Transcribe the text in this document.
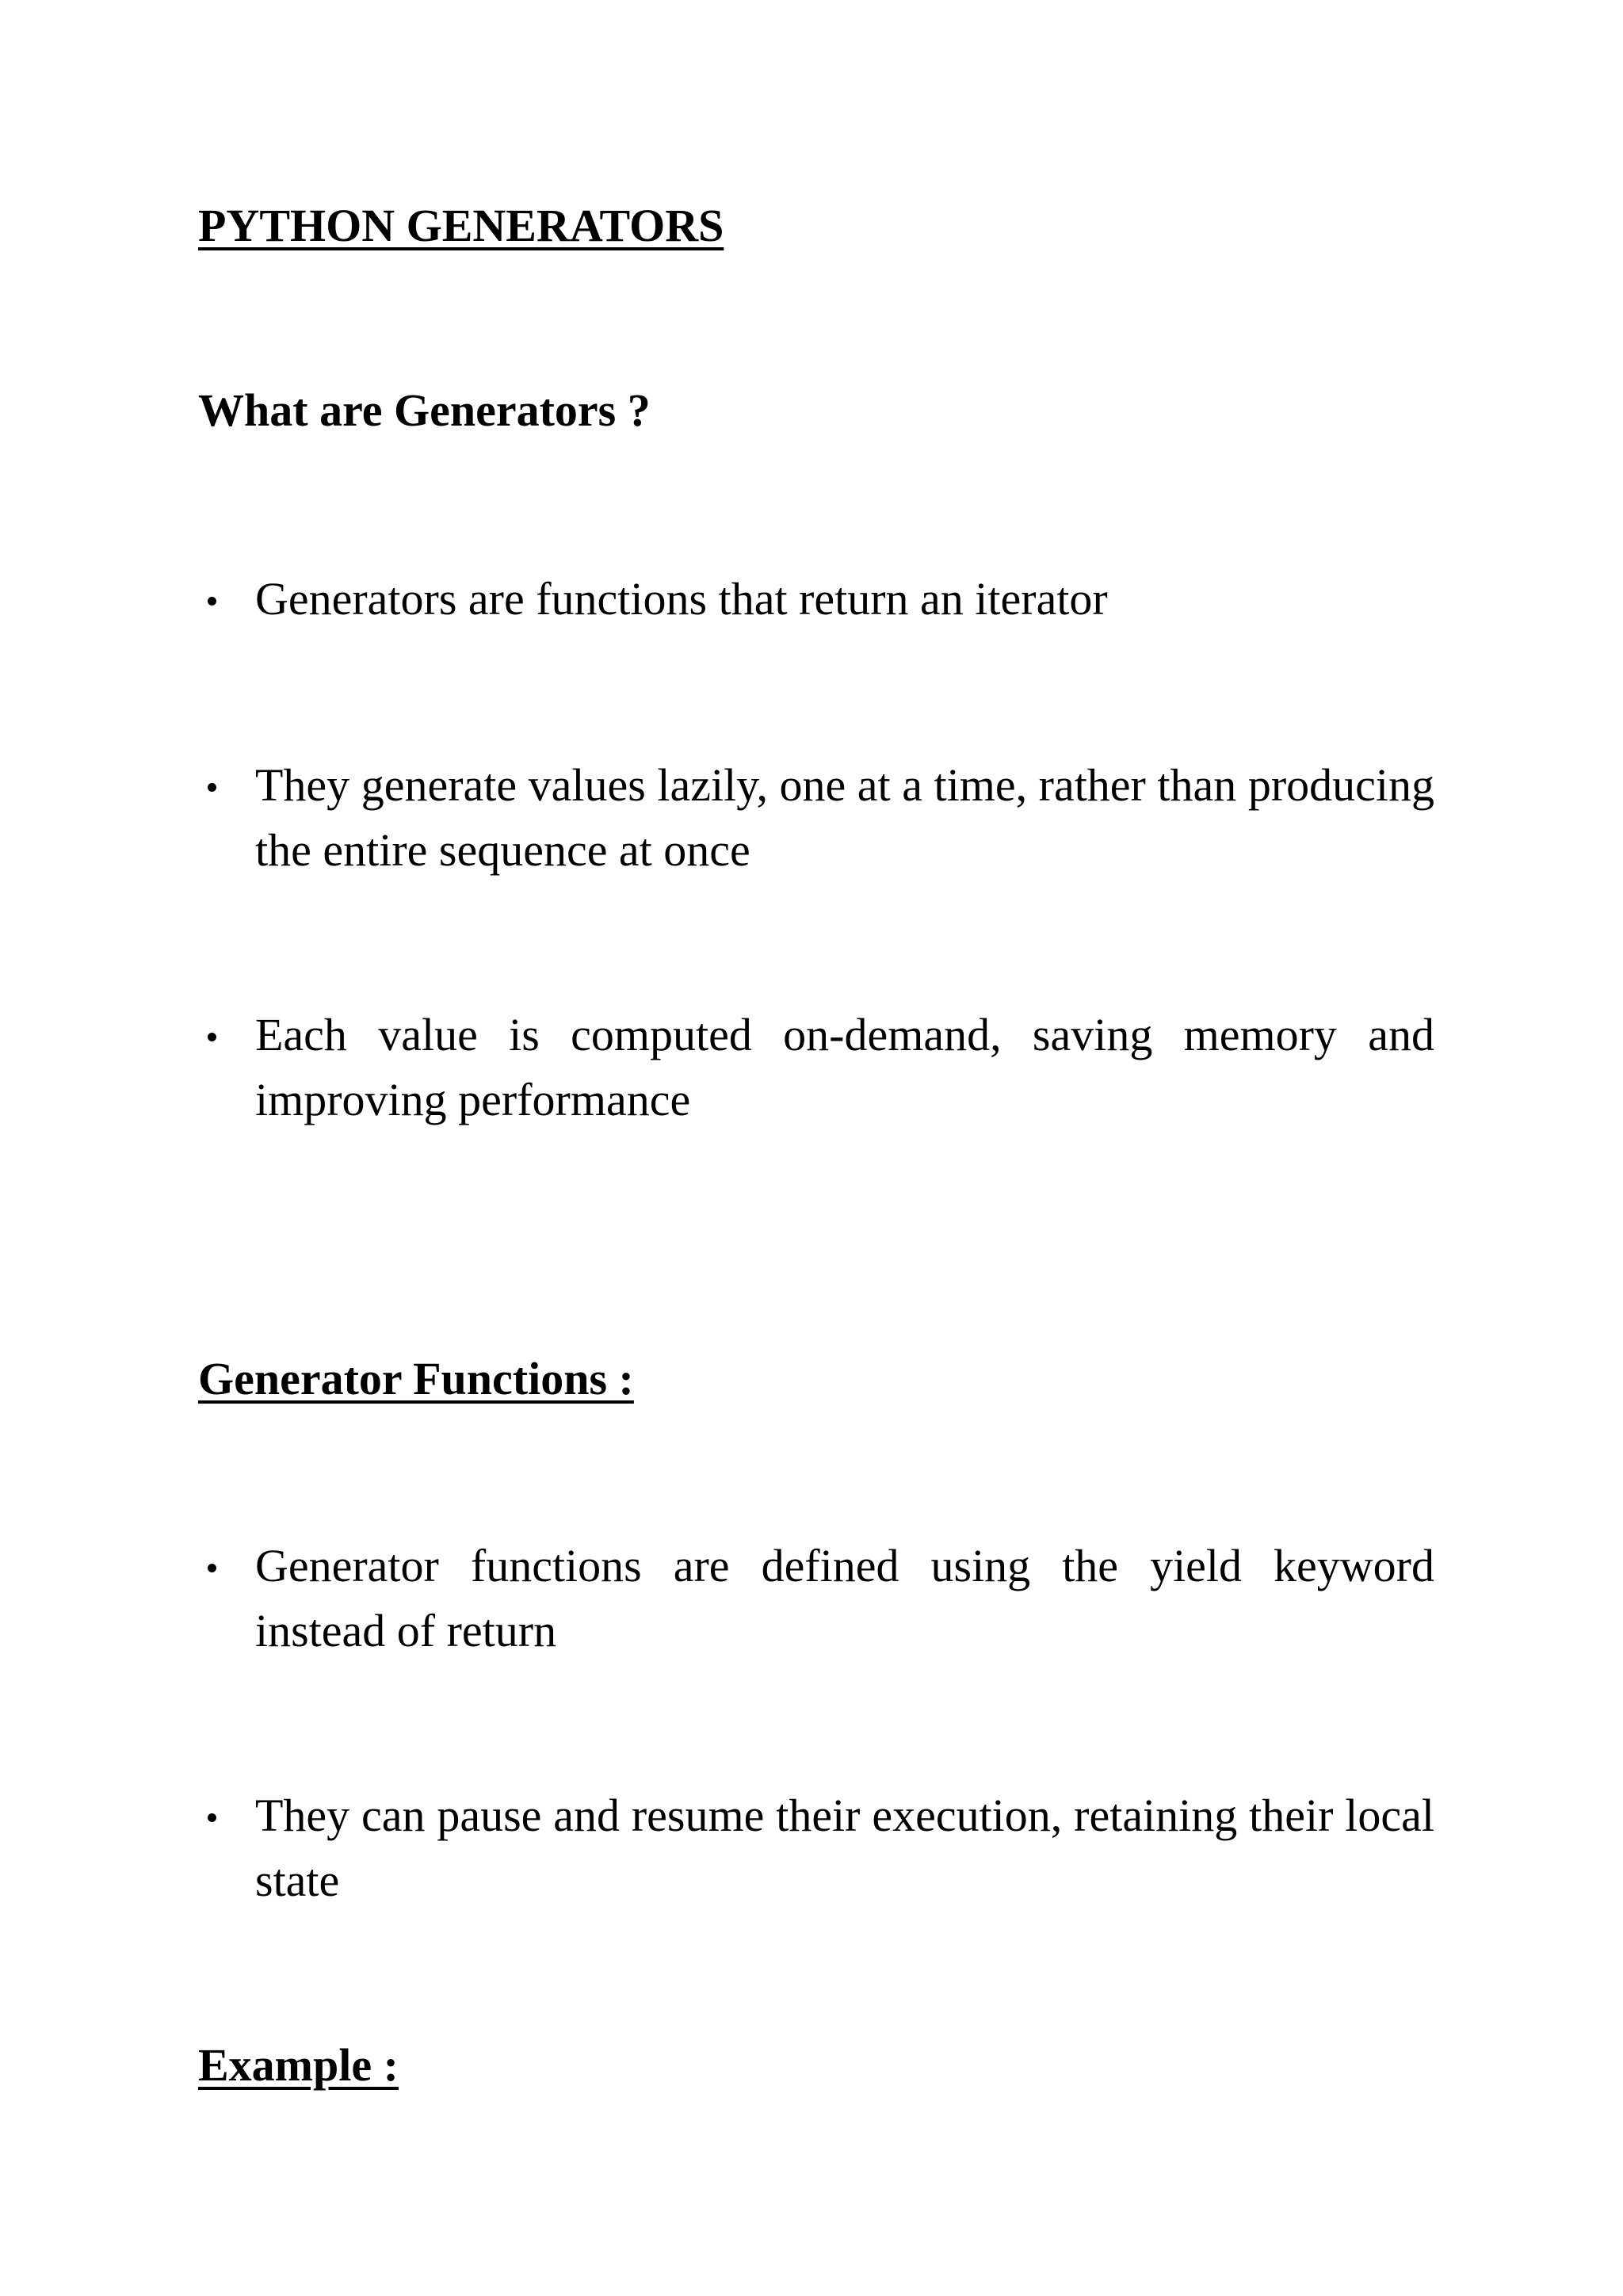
PYTHON GENERATORS
What are Generators ?
Generators are functions that return an iterator
They generate values lazily, one at a time, rather than producing the entire sequence at once
Each value is computed on-demand, saving memory and improving performance
Generator Functions :
Generator functions are defined using the yield keyword instead of return
They can pause and resume their execution, retaining their local state
Example :
